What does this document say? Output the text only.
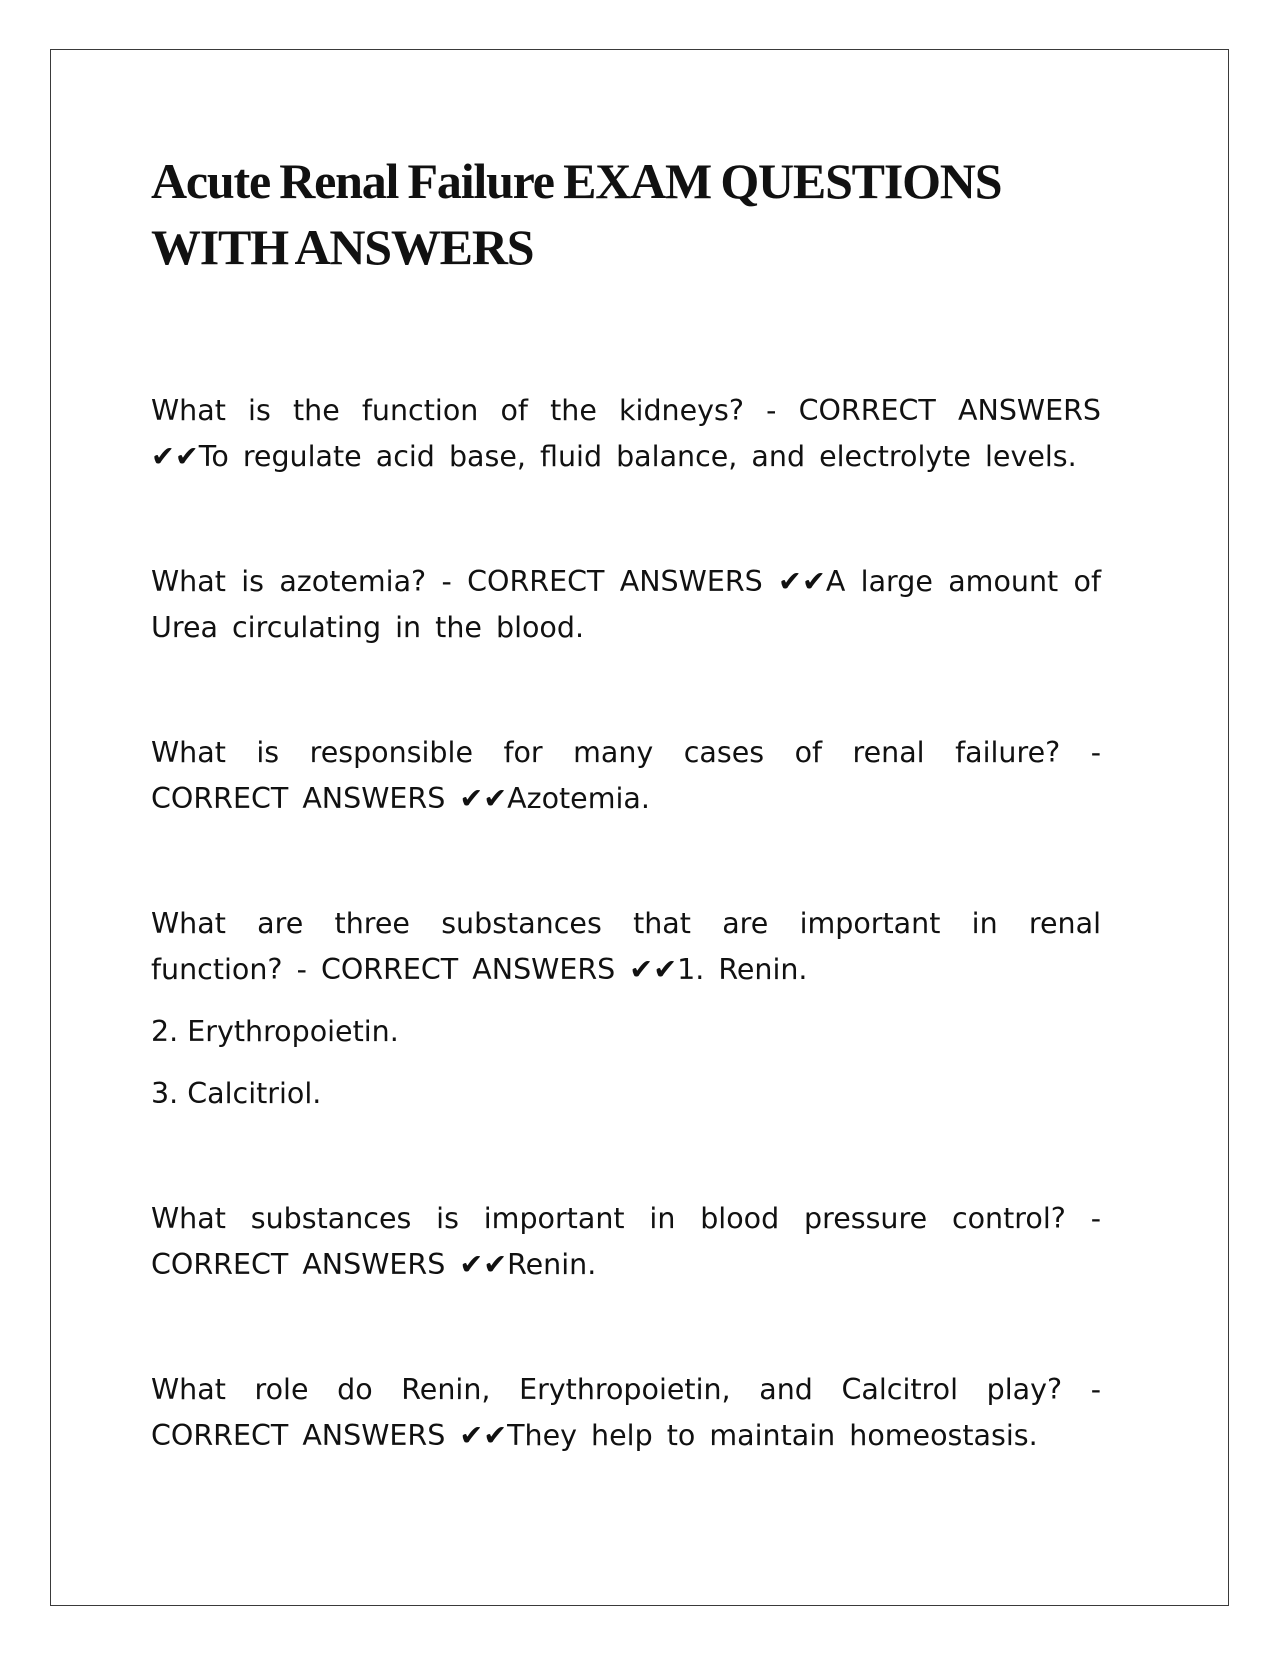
Acute Renal Failure EXAM QUESTIONS WITH ANSWERS

What is the function of the kidneys? - CORRECT ANSWERS ✔✔To regulate acid base, fluid balance, and electrolyte levels.

What is azotemia? - CORRECT ANSWERS ✔✔A large amount of Urea circulating in the blood.

What is responsible for many cases of renal failure? - CORRECT ANSWERS ✔✔Azotemia.

What are three substances that are important in renal function? - CORRECT ANSWERS ✔✔1. Renin.

2. Erythropoietin.

3. Calcitriol.

What substances is important in blood pressure control? - CORRECT ANSWERS ✔✔Renin.

What role do Renin, Erythropoietin, and Calcitrol play? - CORRECT ANSWERS ✔✔They help to maintain homeostasis.
